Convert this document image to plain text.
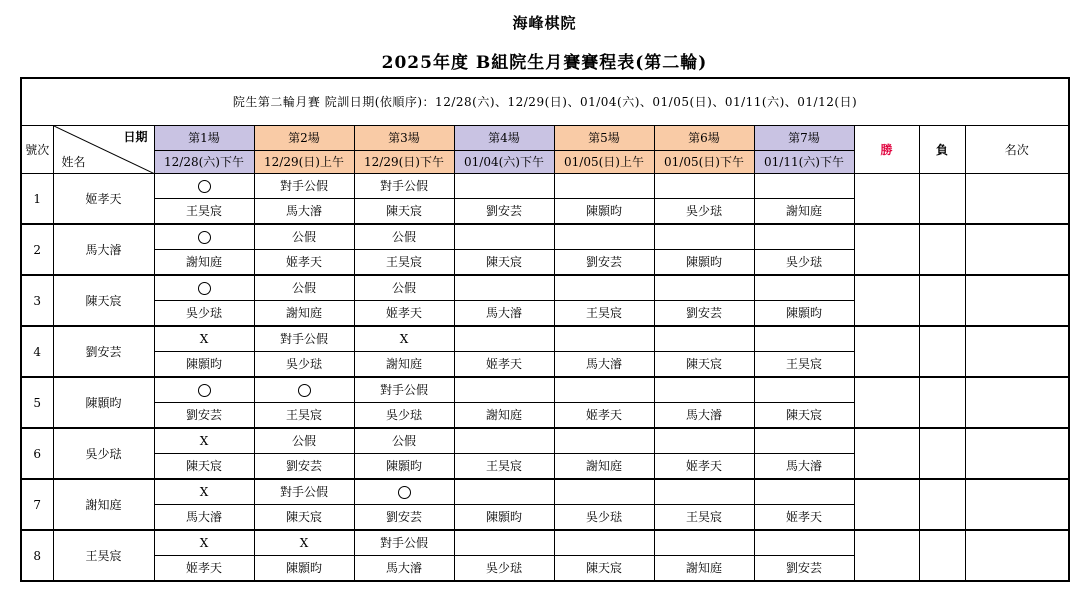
海峰棋院
2025年度 B組院生月賽賽程表(第二輪)
院生第二輪月賽 院訓日期(依順序)：12/28(六)、12/29(日)、01/04(六)、01/05(日)、01/11(六)、01/12(日)											
號次	日期
姓名	第1場	第2場	第3場	第4場	第5場	第6場	第7場	勝	負	名次
		12/28(六)下午	12/29(日)上午	12/29(日)下午	01/04(六)下午	01/05(日)上午	01/05(日)下午	01/11(六)下午			
1	姬孝天		對手公假	對手公假							
		王昊宸	馬大濬	陳天宸	劉安芸	陳顥昀	吳少琺	謝知庭			
2	馬大濬		公假	公假							
		謝知庭	姬孝天	王昊宸	陳天宸	劉安芸	陳顥昀	吳少琺			
3	陳天宸		公假	公假							
		吳少琺	謝知庭	姬孝天	馬大濬	王昊宸	劉安芸	陳顥昀			
4	劉安芸	X	對手公假	X							
		陳顥昀	吳少琺	謝知庭	姬孝天	馬大濬	陳天宸	王昊宸			
5	陳顥昀			對手公假							
		劉安芸	王昊宸	吳少琺	謝知庭	姬孝天	馬大濬	陳天宸			
6	吳少琺	X	公假	公假							
		陳天宸	劉安芸	陳顥昀	王昊宸	謝知庭	姬孝天	馬大濬			
7	謝知庭	X	對手公假								
		馬大濬	陳天宸	劉安芸	陳顥昀	吳少琺	王昊宸	姬孝天			
8	王昊宸	X	X	對手公假							
		姬孝天	陳顥昀	馬大濬	吳少琺	陳天宸	謝知庭	劉安芸			
